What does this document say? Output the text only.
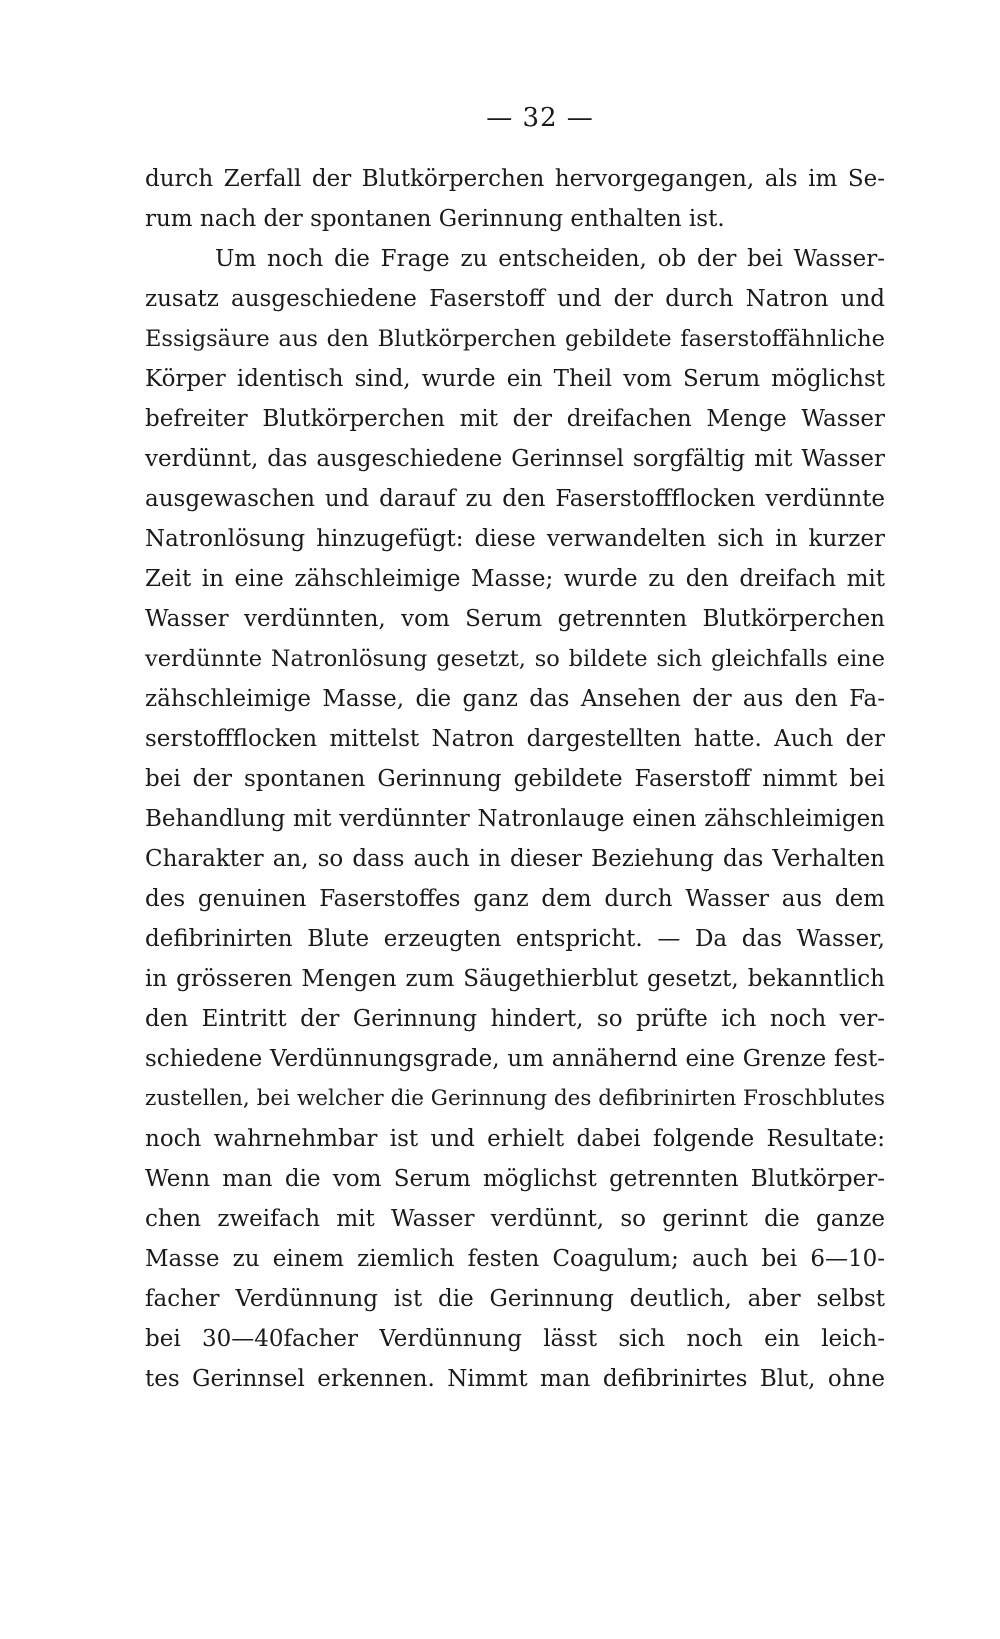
— 32 —
durch Zerfall der Blutkörperchen hervorgegangen, als im Se-
rum nach der spontanen Gerinnung enthalten ist.
Um noch die Frage zu entscheiden, ob der bei Wasser-
zusatz ausgeschiedene Faserstoff und der durch Natron und
Essigsäure aus den Blutkörperchen gebildete faserstoffähnliche
Körper identisch sind, wurde ein Theil vom Serum möglichst
befreiter Blutkörperchen mit der dreifachen Menge Wasser
verdünnt, das ausgeschiedene Gerinnsel sorgfältig mit Wasser
ausgewaschen und darauf zu den Faserstoffflocken verdünnte
Natronlösung hinzugefügt: diese verwandelten sich in kurzer
Zeit in eine zähschleimige Masse; wurde zu den dreifach mit
Wasser verdünnten, vom Serum getrennten Blutkörperchen
verdünnte Natronlösung gesetzt, so bildete sich gleichfalls eine
zähschleimige Masse, die ganz das Ansehen der aus den Fa-
serstoffflocken mittelst Natron dargestellten hatte. Auch der
bei der spontanen Gerinnung gebildete Faserstoff nimmt bei
Behandlung mit verdünnter Natronlauge einen zähschleimigen
Charakter an, so dass auch in dieser Beziehung das Verhalten
des genuinen Faserstoffes ganz dem durch Wasser aus dem
defibrinirten Blute erzeugten entspricht. — Da das Wasser,
in grösseren Mengen zum Säugethierblut gesetzt, bekanntlich
den Eintritt der Gerinnung hindert, so prüfte ich noch ver-
schiedene Verdünnungsgrade, um annähernd eine Grenze fest-
zustellen, bei welcher die Gerinnung des defibrinirten Froschblutes
noch wahrnehmbar ist und erhielt dabei folgende Resultate:
Wenn man die vom Serum möglichst getrennten Blutkörper-
chen zweifach mit Wasser verdünnt, so gerinnt die ganze
Masse zu einem ziemlich festen Coagulum; auch bei 6—10-
facher Verdünnung ist die Gerinnung deutlich, aber selbst
bei 30—40facher Verdünnung lässt sich noch ein leich-
tes Gerinnsel erkennen. Nimmt man defibrinirtes Blut, ohne
